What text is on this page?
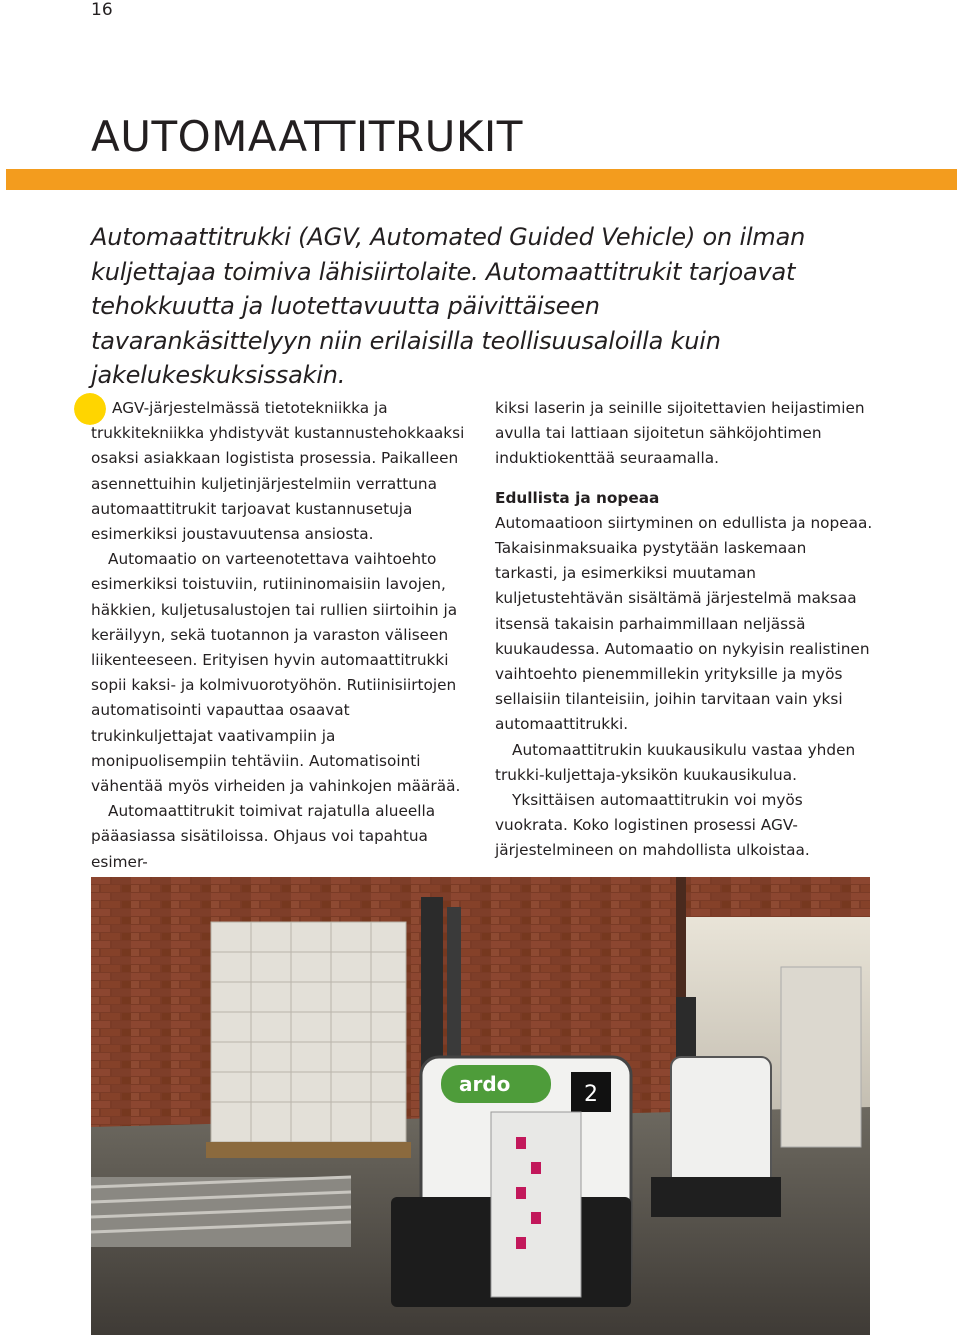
16
AUTOMAATTITRUKIT

Automaattitrukki (AGV, Automated Guided Vehicle) on ilman kuljettajaa toimiva lähisiirtolaite. Automaattitrukit tarjoavat tehokkuutta ja luotettavuutta päivittäiseen tavarankäsittelyyn niin erilaisilla teollisuusaloilla kuin jakelukeskuksissakin.

AGV-järjestelmässä tietotekniikka ja trukkitekniikka yhdistyvät kustannustehokkaaksi osaksi asiakkaan logistista prosessia. Paikalleen asennettuihin kuljetinjärjestelmiin verrattuna automaattitrukit tarjoavat kustannusetuja esimerkiksi joustavuutensa ansiosta.

Automaatio on varteenotettava vaihtoehto esimerkiksi toistuviin, rutiininomaisiin lavojen, häkkien, kuljetusalustojen tai rullien siirtoihin ja keräilyyn, sekä tuotannon ja varaston väliseen liikenteeseen. Erityisen hyvin automaattitrukki sopii kaksi- ja kolmivuorotyöhön. Rutiinisiirtojen automatisointi vapauttaa osaavat trukinkuljettajat vaativampiin ja monipuolisempiin tehtäviin. Automatisointi vähentää myös virheiden ja vahinkojen määrää.

Automaattitrukit toimivat rajatulla alueella pääasiassa sisätiloissa. Ohjaus voi tapahtua esimer-

kiksi laserin ja seinille sijoitettavien heijastimien avulla tai lattiaan sijoitetun sähköjohtimen induktiokenttää seuraamalla.

Edullista ja nopeaa

Automaatioon siirtyminen on edullista ja nopeaa. Takaisinmaksuaika pystytään laskemaan tarkasti, ja esimerkiksi muutaman kuljetustehtävän sisältämä järjestelmä maksaa itsensä takaisin parhaimmillaan neljässä kuukaudessa. Automaatio on nykyisin realistinen vaihtoehto pienemmillekin yrityksille ja myös sellaisiin tilanteisiin, joihin tarvitaan vain yksi automaattitrukki.

Automaattitrukin kuukausikulu vastaa yhden trukki-kuljettaja-yksikön kuukausikulua.

Yksittäisen automaattitrukin voi myös vuokrata. Koko logistinen prosessi AGV-järjestelmineen on mahdollista ulkoistaa.

ardo	2
